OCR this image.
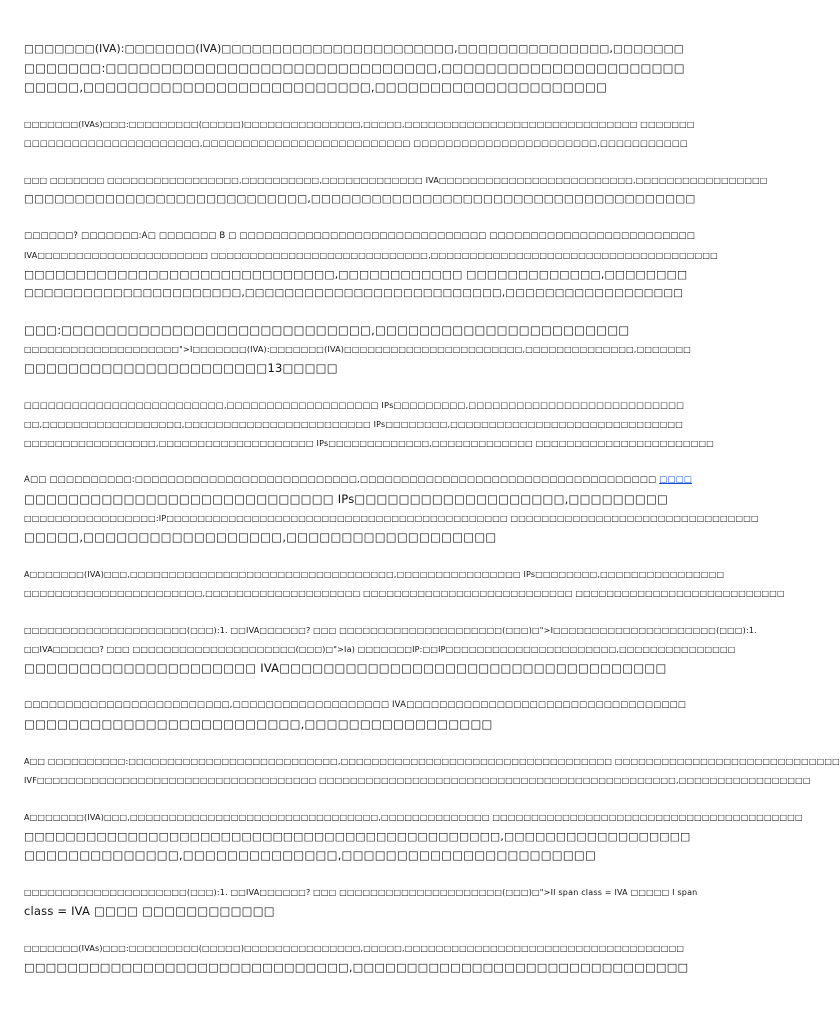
□□□□□□□(IVA):□□□□□□□(IVA)□□□□□□□□□□□□□□□□□□□□□□□,□□□□□□□□□□□□□□□,□□□□□□□
□□□□□□□:□□□□□□□□□□□□□□□□□□□□□□□□□□□□□□,□□□□□□□□□□□□□□□□□□□□□□
□□□□□,□□□□□□□□□□□□□□□□□□□□□□□□□□,□□□□□□□□□□□□□□□□□□□□□
□□□□□□□(IVAs)□□□:□□□□□□□□□(□□□□□)□□□□□□□□□□□□□□□,□□□□□,□□□□□□□□□□□□□□□□□□□□□□□□□□□□□□ □□□□□□□
□□□□□□□□□□□□□□□□□□□□□□,□□□□□□□□□□□□□□□□□□□□□□□□□□ □□□□□□□□□□□□□□□□□□□□□□□,□□□□□□□□□□□
□□□ □□□□□□□ □□□□□□□□□□□□□□□□□,□□□□□□□□□□,□□□□□□□□□□□□□ IVA□□□□□□□□□□□□□□□□□□□□□□□□□,□□□□□□□□□□□□□□□□□
□□□□□□□□□□□□□□□□□□□□□□□□□□□□,□□□□□□□□□□□□□□□□□□□□□□□□□□□□□□□□□□□□□□
□□□□□□? □□□□□□□:A□ □□□□□□□ B □ □□□□□□□□□□□□□□□□□□□□□□□□□□□□□□ □□□□□□□□□□□□□□□□□□□□□□□□□
IVA□□□□□□□□□□□□□□□□□□□□□□ □□□□□□□□□□□□□□□□□□□□□□□□□□□□,□□□□□□□□□□□□□□□□□□□□□□□□□□□□□□□□□□□□□
□□□□□□□□□□□□□□□□□□□□□□□□□□□□□□,□□□□□□□□□□□□ □□□□□□□□□□□□□,□□□□□□□□
□□□□□□□□□□□□□□□□□□□□□□,□□□□□□□□□□□□□□□□□□□□□□□□□□,□□□□□□□□□□□□□□□□□□
□□□:□□□□□□□□□□□□□□□□□□□□□□□□□□□□,□□□□□□□□□□□□□□□□□□□□□□□
□□□□□□□□□□□□□□□□□□□□">I□□□□□□□(IVA):□□□□□□□(IVA)□□□□□□□□□□□□□□□□□□□□□□□,□□□□□□□□□□□□□□,□□□□□□□
□□□□□□□□□□□□□□□□□□□□□□13□□□□□
□□□□□□□□□□□□□□□□□□□□□□□□□,□□□□□□□□□□□□□□□□□□□ IPs□□□□□□□□□,□□□□□□□□□□□□□□□□□□□□□□□□□□□
□□,□□□□□□□□□□□□□□□□□□,□□□□□□□□□□□□□□□□□□□□□□□□ IPs□□□□□□□□,□□□□□□□□□□□□□□□□□□□□□□□□□□□□□□
□□□□□□□□□□□□□□□□□,□□□□□□□□□□□□□□□□□□□□ IPs□□□□□□□□□□□□□,□□□□□□□□□□□□□ □□□□□□□□□□□□□□□□□□□□□□□
A□□ □□□□□□□□□□:□□□□□□□□□□□□□□□□□□□□□□□□□□□,□□□□□□□□□□□□□□□□□□□□□□□□□□□□□□□□□□□□ □□□□
□□□□□□□□□□□□□□□□□□□□□□□□□□□□ IPs□□□□□□□□□□□□□□□□□□□,□□□□□□□□□
□□□□□□□□□□□□□□□□□:IP□□□□□□□□□□□□□□□□□□□□□□□□□□□□□□□□□□□□□□□□□□□□ □□□□□□□□□□□□□□□□□□□□□□□□□□□□□□□□
□□□□□,□□□□□□□□□□□□□□□□□□,□□□□□□□□□□□□□□□□□□□
A□□□□□□□(IVA)□□□,□□□□□□□□□□□□□□□□□□□□□□□□□□□□□□□□□□,□□□□□□□□□□□□□□□□ IPs□□□□□□□□,□□□□□□□□□□□□□□□□
□□□□□□□□□□□□□□□□□□□□□□□,□□□□□□□□□□□□□□□□□□□□ □□□□□□□□□□□□□□□□□□□□□□□□□□□ □□□□□□□□□□□□□□□□□□□□□□□□□□□
□□□□□□□□□□□□□□□□□□□□□(□□□):1. □□IVA□□□□□□? □□□ □□□□□□□□□□□□□□□□□□□□□(□□□)□">I□□□□□□□□□□□□□□□□□□□□□(□□□):1.
□□IVA□□□□□□? □□□ □□□□□□□□□□□□□□□□□□□□□(□□□)□">Ia) □□□□□□□IP:□□IP□□□□□□□□□□□□□□□□□□□□□□,□□□□□□□□□□□□□□□
□□□□□□□□□□□□□□□□□□□□□ IVA□□□□□□□□□□□□□□□□□□□□□□□□□□□□□□□□□□□
□□□□□□□□□□□□□□□□□□□□□□□□□,□□□□□□□□□□□□□□□□□□□ IVA□□□□□□□□□□□□□□□□□□□□□□□□□□□□□□□□□□
□□□□□□□□□□□□□□□□□□□□□□□□□,□□□□□□□□□□□□□□□□□
A□□ □□□□□□□□□□:□□□□□□□□□□□□□□□□□□□□□□□□□□□,□□□□□□□□□□□□□□□□□□□□□□□□□□□□□□□□□□□ □□□□□□□□□□□□□□□□□□□□□□□□□□□□□
IVF□□□□□□□□□□□□□□□□□□□□□□□□□□□□□□□□□□□□ □□□□□□□□□□□□□□□□□□□□□□□□□□□□□□□□□□□□□□□□□□□□□□,□□□□□□□□□□□□□□□□□
A□□□□□□□(IVA)□□□,□□□□□□□□□□□□□□□□□□□□□□□□□□□□□□□□,□□□□□□□□□□□□□□ □□□□□□□□□□□□□□□□□□□□□□□□□□□□□□□□□□□□□□□□
□□□□□□□□□□□□□□□□□□□□□□□□□□□□□□□□□□□□□□□□□□□□□□,□□□□□□□□□□□□□□□□□□
□□□□□□□□□□□□□□,□□□□□□□□□□□□□□,□□□□□□□□□□□□□□□□□□□□□□□
□□□□□□□□□□□□□□□□□□□□□(□□□):1. □□IVA□□□□□□? □□□ □□□□□□□□□□□□□□□□□□□□□(□□□)□">II span class = IVA □□□□□ I span
class = IVA □□□□ □□□□□□□□□□□□
□□□□□□□(IVAs)□□□:□□□□□□□□□(□□□□□)□□□□□□□□□□□□□□□,□□□□□,□□□□□□□□□□□□□□□□□□□□□□□□□□□□□□□□□□□□
□□□□□□□□□□□□□□□□□□□□□□□□□□□□□□,□□□□□□□□□□□□□□□□□□□□□□□□□□□□□□□
